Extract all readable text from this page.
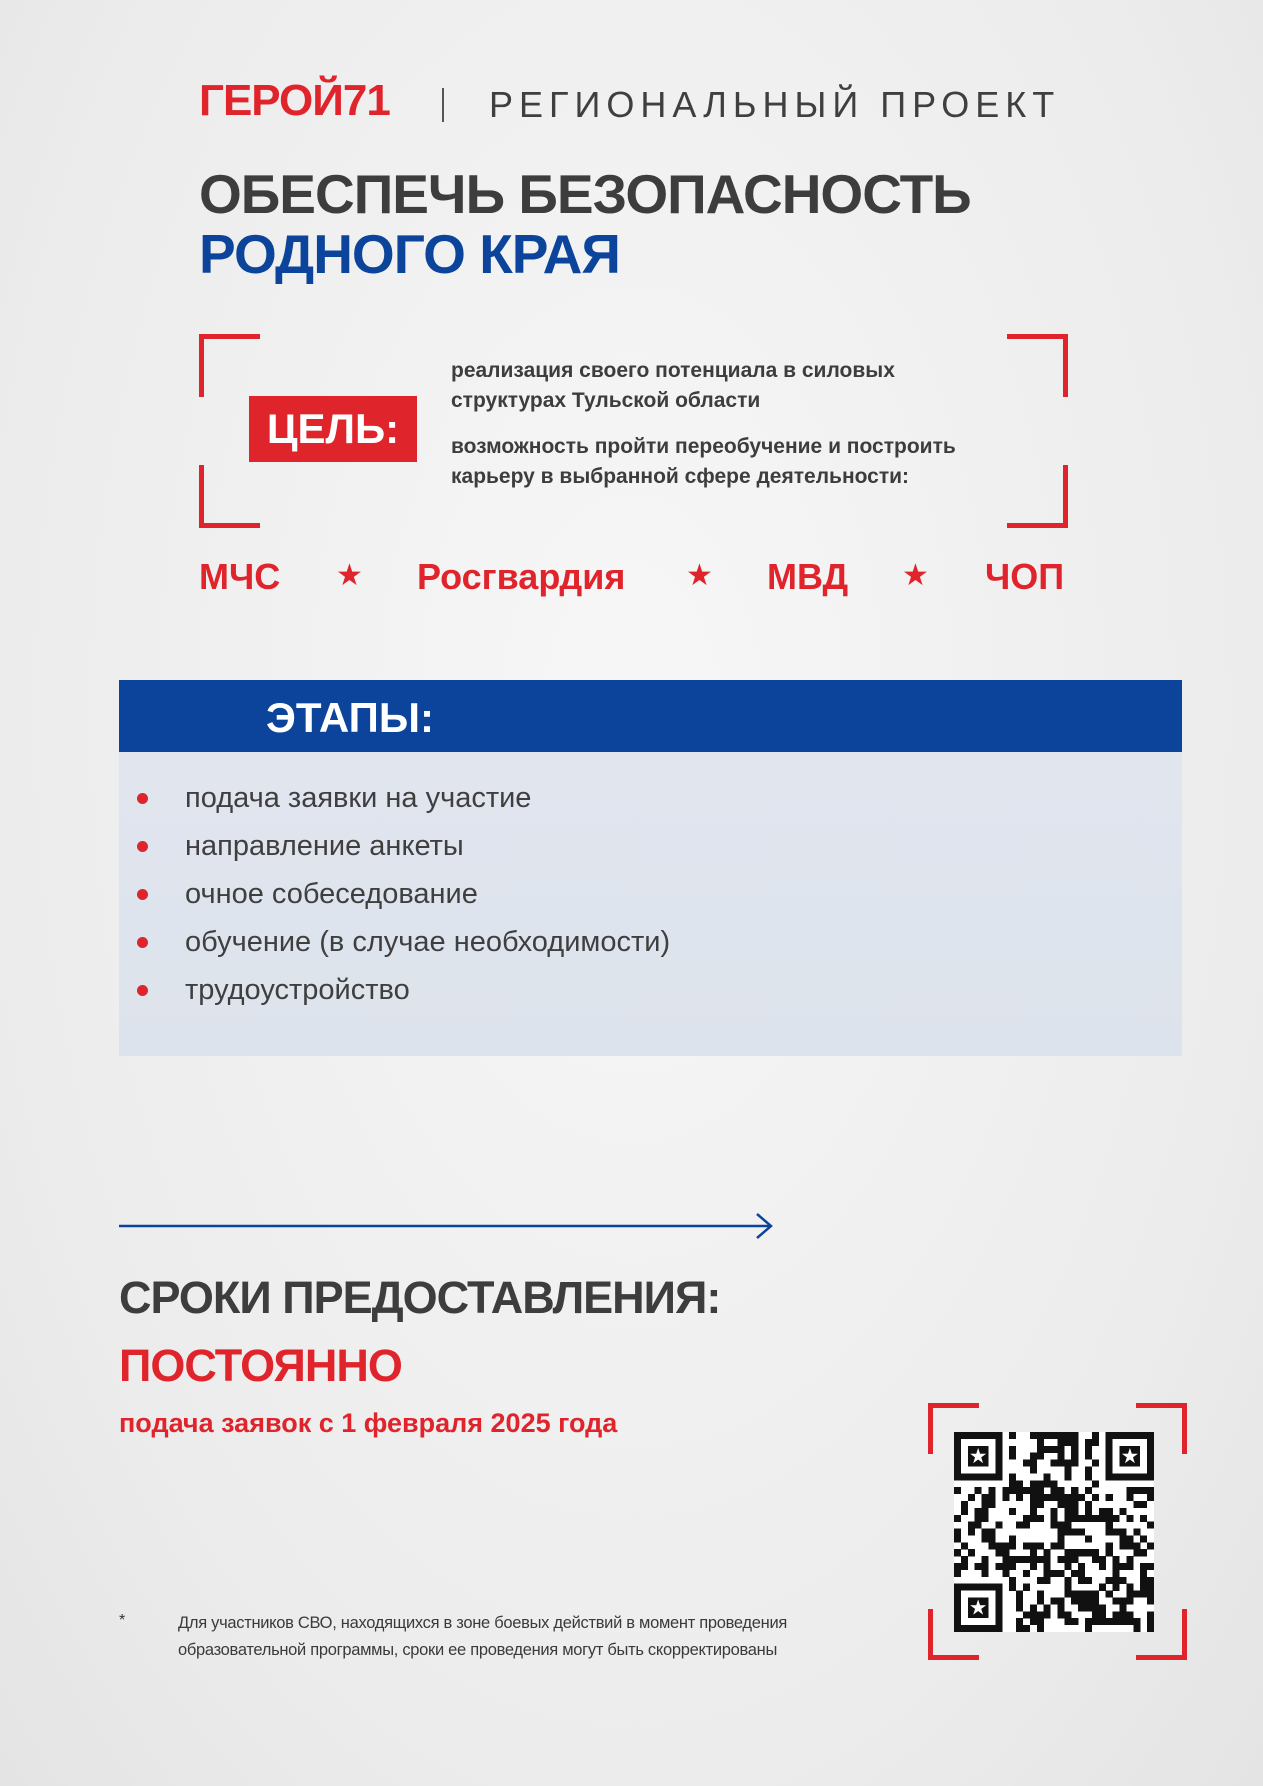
ГЕРОЙ71	РЕГИОНАЛЬНЫЙ ПРОЕКТ
ОБЕСПЕЧЬ БЕЗОПАСНОСТЬ
РОДНОГО КРАЯ
ЦЕЛЬ:
реализация своего потенциала в силовых структурах Тульской области
возможность пройти переобучение и построить карьеру в выбранной сфере деятельности:
МЧС ★ Росгвардия ★ МВД ★ ЧОП
ЭТАПЫ:
подача заявки на участие
направление анкеты
очное собеседование
обучение (в случае необходимости)
трудоустройство
СРОКИ ПРЕДОСТАВЛЕНИЯ:
ПОСТОЯННО
подача заявок с 1 февраля 2025 года
*	Для участников СВО, находящихся в зоне боевых действий в момент проведения образовательной программы, сроки ее проведения могут быть скорректированы
★	★
★
